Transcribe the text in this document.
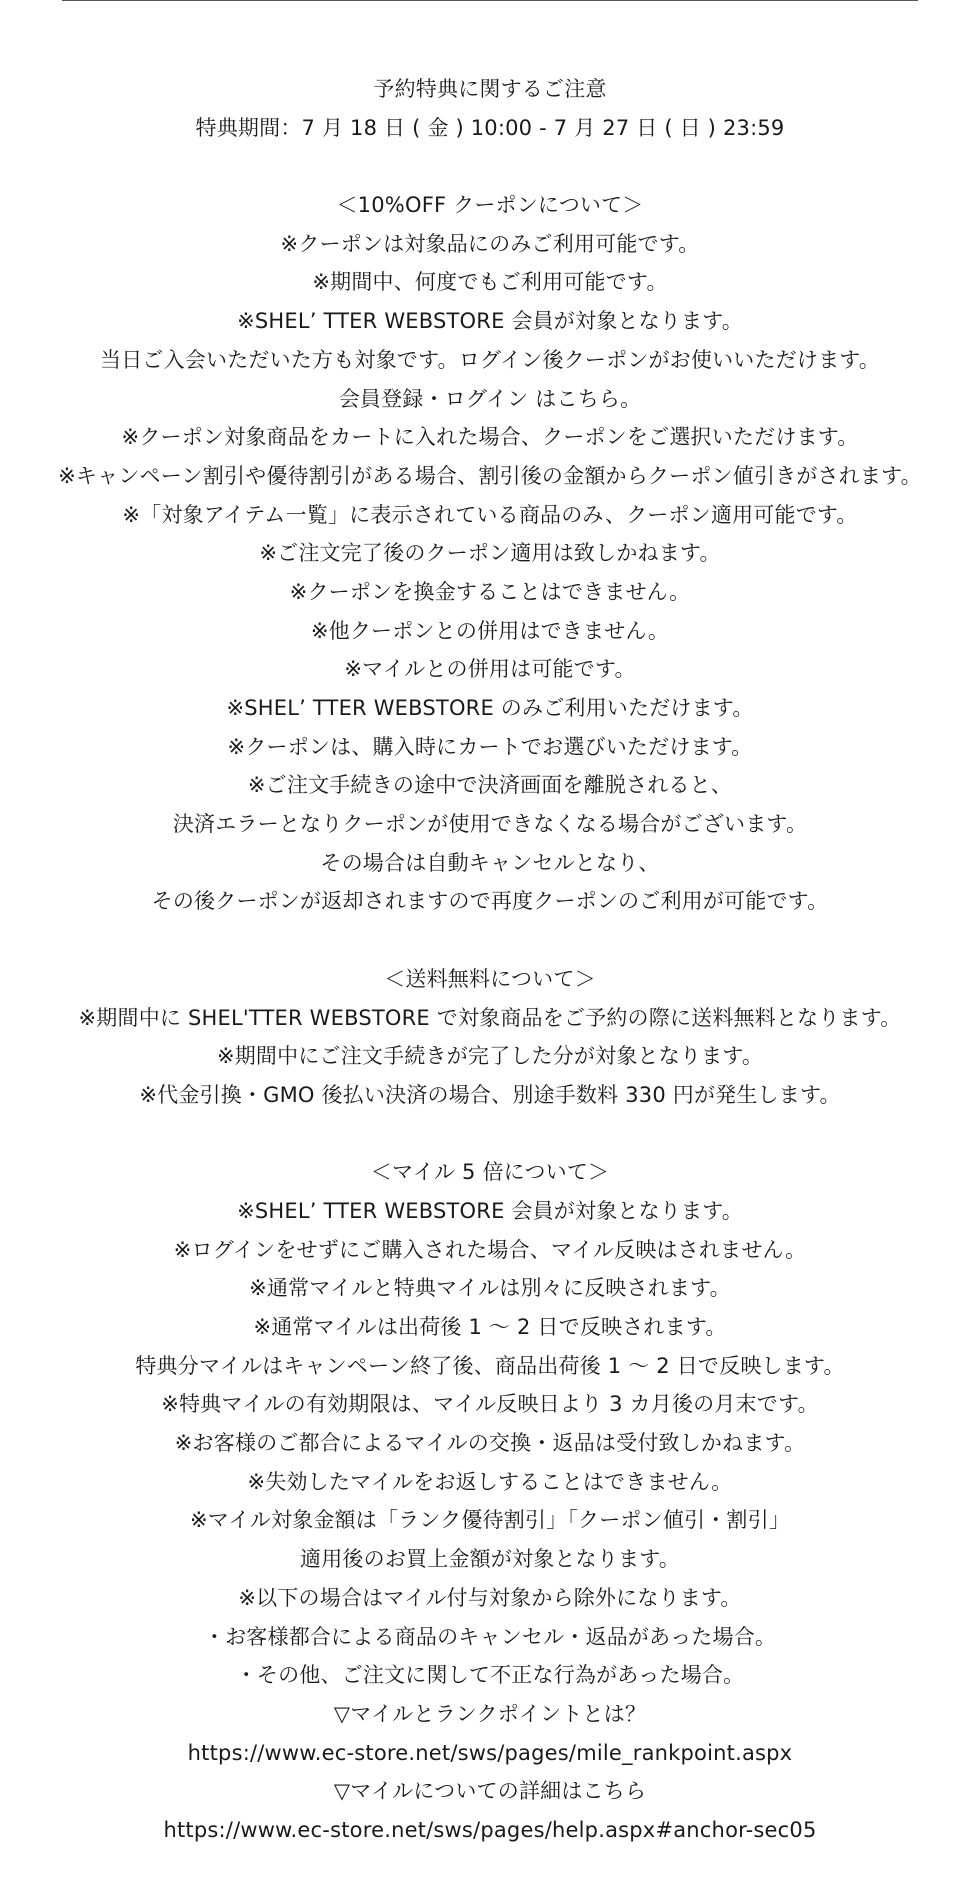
予約特典に関するご注意
特典期間：7 月 18 日 ( 金 ) 10:00 - 7 月 27 日 ( 日 ) 23:59
＜10%OFF クーポンについて＞
※クーポンは対象品にのみご利用可能です。
※期間中、何度でもご利用可能です。
※SHEL’ TTER WEBSTORE 会員が対象となります。
当日ご入会いただいた方も対象です。ログイン後クーポンがお使いいただけます。
会員登録・ログイン はこちら。
※クーポン対象商品をカートに入れた場合、クーポンをご選択いただけます。
※キャンペーン割引や優待割引がある場合、割引後の金額からクーポン値引きがされます。
※「対象アイテム一覧」に表示されている商品のみ、クーポン適用可能です。
※ご注文完了後のクーポン適用は致しかねます。
※クーポンを換金することはできません。
※他クーポンとの併用はできません。
※マイルとの併用は可能です。
※SHEL’ TTER WEBSTORE のみご利用いただけます。
※クーポンは、購入時にカートでお選びいただけます。
※ご注文手続きの途中で決済画面を離脱されると、
決済エラーとなりクーポンが使用できなくなる場合がございます。
その場合は自動キャンセルとなり、
その後クーポンが返却されますので再度クーポンのご利用が可能です。
＜送料無料について＞
※期間中に SHEL'TTER WEBSTORE で対象商品をご予約の際に送料無料となります。
※期間中にご注文手続きが完了した分が対象となります。
※代金引換・GMO 後払い決済の場合、別途手数料 330 円が発生します。
＜マイル 5 倍について＞
※SHEL’ TTER WEBSTORE 会員が対象となります。
※ログインをせずにご購入された場合、マイル反映はされません。
※通常マイルと特典マイルは別々に反映されます。
※通常マイルは出荷後 1 ～ 2 日で反映されます。
特典分マイルはキャンペーン終了後、商品出荷後 1 ～ 2 日で反映します。
※特典マイルの有効期限は、マイル反映日より 3 カ月後の月末です。
※お客様のご都合によるマイルの交換・返品は受付致しかねます。
※失効したマイルをお返しすることはできません。
※マイル対象金額は「ランク優待割引」「クーポン値引・割引」
適用後のお買上金額が対象となります。
※以下の場合はマイル付与対象から除外になります。
・お客様都合による商品のキャンセル・返品があった場合。
・その他、ご注文に関して不正な行為があった場合。
▽マイルとランクポイントとは？
https://www.ec-store.net/sws/pages/mile_rankpoint.aspx
▽マイルについての詳細はこちら
https://www.ec-store.net/sws/pages/help.aspx#anchor-sec05
